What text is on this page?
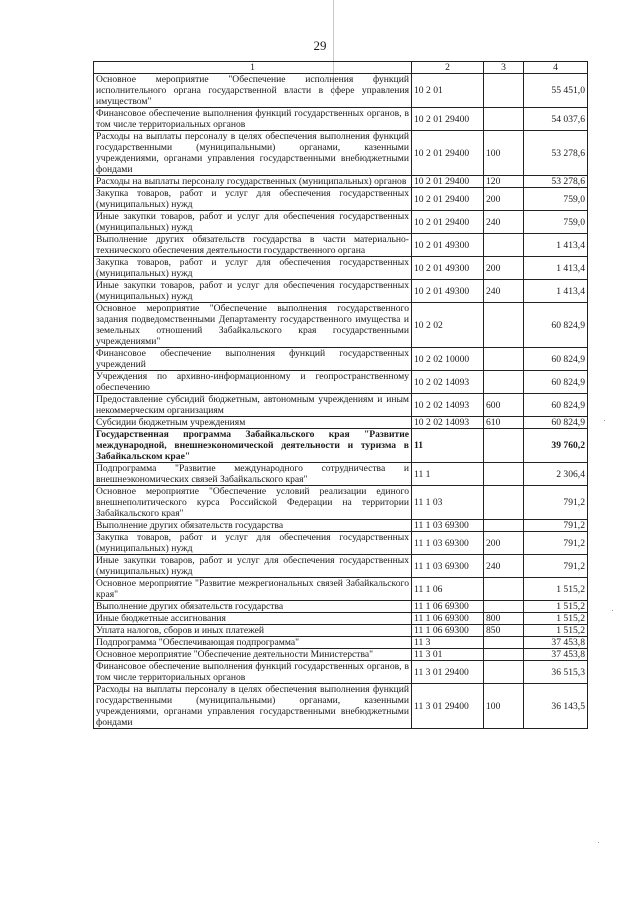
29
1	2	3	4
Основное мероприятие "Обеспечение исполнения функций исполнительного органа государственной власти в сфере управления имуществом"	10 2 01		55 451,0
Финансовое обеспечение выполнения функций государственных органов, в том числе территориальных органов	10 2 01 29400		54 037,6
Расходы на выплаты персоналу в целях обеспечения выполнения функций государственными (муниципальными) органами, казенными учреждениями, органами управления государственными внебюджетными фондами	10 2 01 29400	100	53 278,6
Расходы на выплаты персоналу государственных (муниципальных) органов	10 2 01 29400	120	53 278,6
Закупка товаров, работ и услуг для обеспечения государственных (муниципальных) нужд	10 2 01 29400	200	759,0
Иные закупки товаров, работ и услуг для обеспечения государственных (муниципальных) нужд	10 2 01 29400	240	759,0
Выполнение других обязательств государства в части материально-технического обеспечения деятельности государственного органа	10 2 01 49300		1 413,4
Закупка товаров, работ и услуг для обеспечения государственных (муниципальных) нужд	10 2 01 49300	200	1 413,4
Иные закупки товаров, работ и услуг для обеспечения государственных (муниципальных) нужд	10 2 01 49300	240	1 413,4
Основное мероприятие "Обеспечение выполнения государственного задания подведомственными Департаменту государственного имущества и земельных отношений Забайкальского края государственными учреждениями"	10 2 02		60 824,9
Финансовое обеспечение выполнения функций государственных учреждений	10 2 02 10000		60 824,9
Учреждения по архивно-информационному и геопространственному обеспечению	10 2 02 14093		60 824,9
Предоставление субсидий бюджетным, автономным учреждениям и иным некоммерческим организациям	10 2 02 14093	600	60 824,9
Субсидии бюджетным учреждениям	10 2 02 14093	610	60 824,9
Государственная программа Забайкальского края "Развитие международной, внешнеэкономической деятельности и туризма в Забайкальском крае"	11		39 760,2
Подпрограмма "Развитие международного сотрудничества и внешнеэкономических связей Забайкальского края"	11 1		2 306,4
Основное мероприятие "Обеспечение условий реализации единого внешнеполитического курса Российской Федерации на территории Забайкальского края"	11 1 03		791,2
Выполнение других обязательств государства	11 1 03 69300		791,2
Закупка товаров, работ и услуг для обеспечения государственных (муниципальных) нужд	11 1 03 69300	200	791,2
Иные закупки товаров, работ и услуг для обеспечения государственных (муниципальных) нужд	11 1 03 69300	240	791,2
Основное мероприятие "Развитие межрегиональных связей Забайкальского края"	11 1 06		1 515,2
Выполнение других обязательств государства	11 1 06 69300		1 515,2
Иные бюджетные ассигнования	11 1 06 69300	800	1 515,2
Уплата налогов, сборов и иных платежей	11 1 06 69300	850	1 515,2
Подпрограмма "Обеспечивающая подпрограмма"	11 3		37 453,8
Основное мероприятие "Обеспечение деятельности Министерства"	11 3 01		37 453,8
Финансовое обеспечение выполнения функций государственных органов, в том числе территориальных органов	11 3 01 29400		36 515,3
Расходы на выплаты персоналу в целях обеспечения выполнения функций государственными (муниципальными) органами, казенными учреждениями, органами управления государственными внебюджетными фондами	11 3 01 29400	100	36 143,5
